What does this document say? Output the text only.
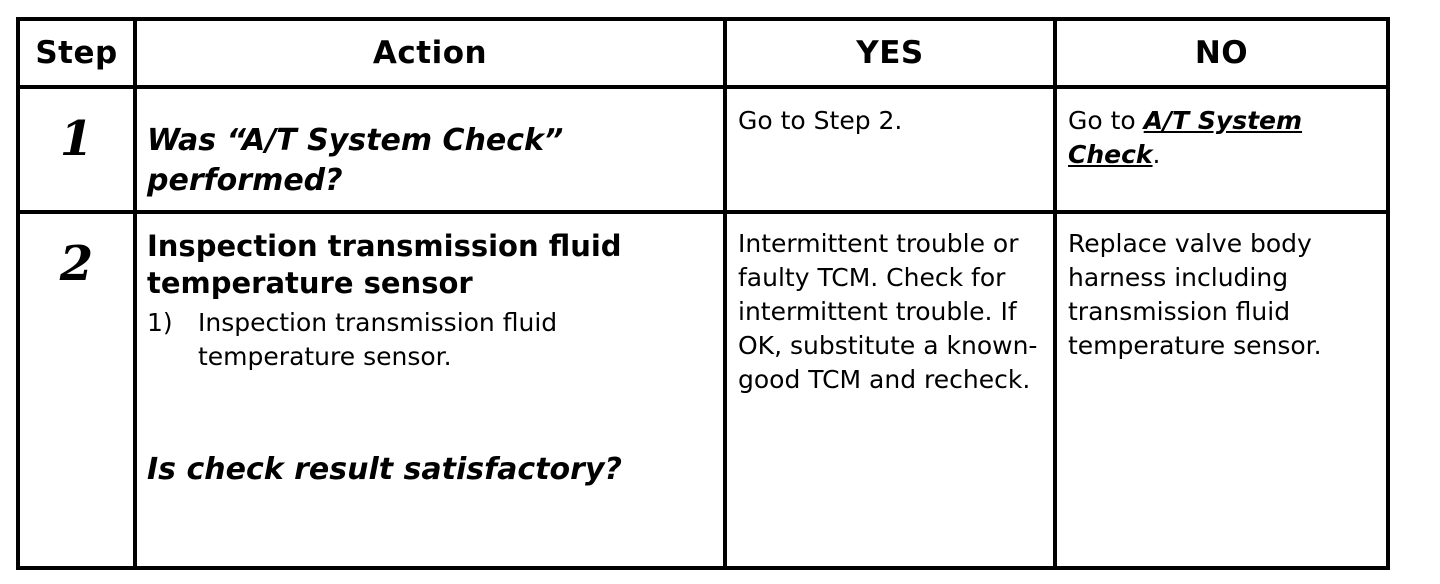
Step	Action	YES	NO
1	Was “A/T System Check” performed?	Go to Step 2.	Go to A/T System Check.
2	Inspection transmission fluid temperature sensor
1) Inspection transmission fluid temperature sensor.
Is check result satisfactory?	Intermittent trouble or faulty TCM. Check for intermittent trouble. If OK, substitute a known-good TCM and recheck.	Replace valve body harness including transmission fluid temperature sensor.
